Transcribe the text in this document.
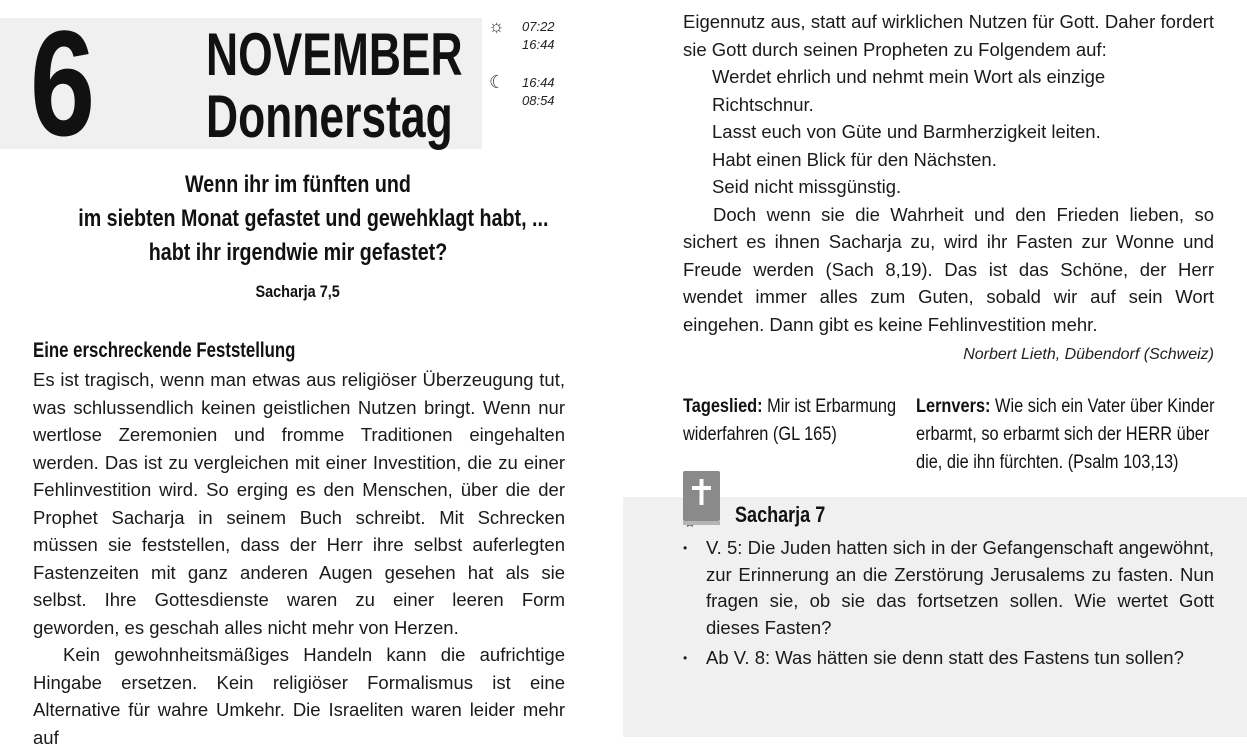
6 NOVEMBER
Donnerstag
☼ 07:22
16:44
☾ 16:44
08:54
Wenn ihr im fünften und
im siebten Monat gefastet und gewehklagt habt, ...
habt ihr irgendwie mir gefastet?
Sacharja 7,5
Eine erschreckende Feststellung

Es ist tragisch, wenn man etwas aus religiöser Überzeugung tut, was schlussendlich keinen geistlichen Nutzen bringt. Wenn nur wertlose Zeremonien und fromme Traditionen eingehalten werden. Das ist zu vergleichen mit einer Investition, die zu einer Fehlinvestition wird. So erging es den Menschen, über die der Prophet Sacharja in seinem Buch schreibt. Mit Schrecken müssen sie feststellen, dass der Herr ihre selbst auferlegten Fastenzeiten mit ganz anderen Augen gesehen hat als sie selbst. Ihre Gottesdienste waren zu einer leeren Form geworden, es geschah alles nicht mehr von Herzen.

Kein gewohnheitsmäßiges Handeln kann die aufrichtige Hingabe ersetzen. Kein religiöser Formalismus ist eine Alternative für wahre Umkehr. Die Israeliten waren leider mehr auf

Eigennutz aus, statt auf wirklichen Nutzen für Gott. Daher fordert sie Gott durch seinen Propheten zu Folgendem auf:

Werdet ehrlich und nehmt mein Wort als einzige
Richtschnur.
Lasst euch von Güte und Barmherzigkeit leiten.
Habt einen Blick für den Nächsten.
Seid nicht missgünstig.

Doch wenn sie die Wahrheit und den Frieden lieben, so sichert es ihnen Sacharja zu, wird ihr Fasten zur Wonne und Freude werden (Sach 8,19). Das ist das Schöne, der Herr wendet immer alles zum Guten, sobald wir auf sein Wort eingehen. Dann gibt es keine Fehlinvestition mehr.

Norbert Lieth, Dübendorf (Schweiz)
Tageslied: Mir ist Erbarmung widerfahren (GL 165)
Lernvers: Wie sich ein Vater über Kinder erbarmt, so erbarmt sich der HERR über die, die ihn fürchten. (Psalm 103,13)
Sacharja 7
• V. 5: Die Juden hatten sich in der Gefangenschaft angewöhnt, zur Erinnerung an die Zerstörung Jerusalems zu fasten. Nun fragen sie, ob sie das fortsetzen sollen. Wie wertet Gott dieses Fasten?
• Ab V. 8: Was hätten sie denn statt des Fastens tun sollen?
